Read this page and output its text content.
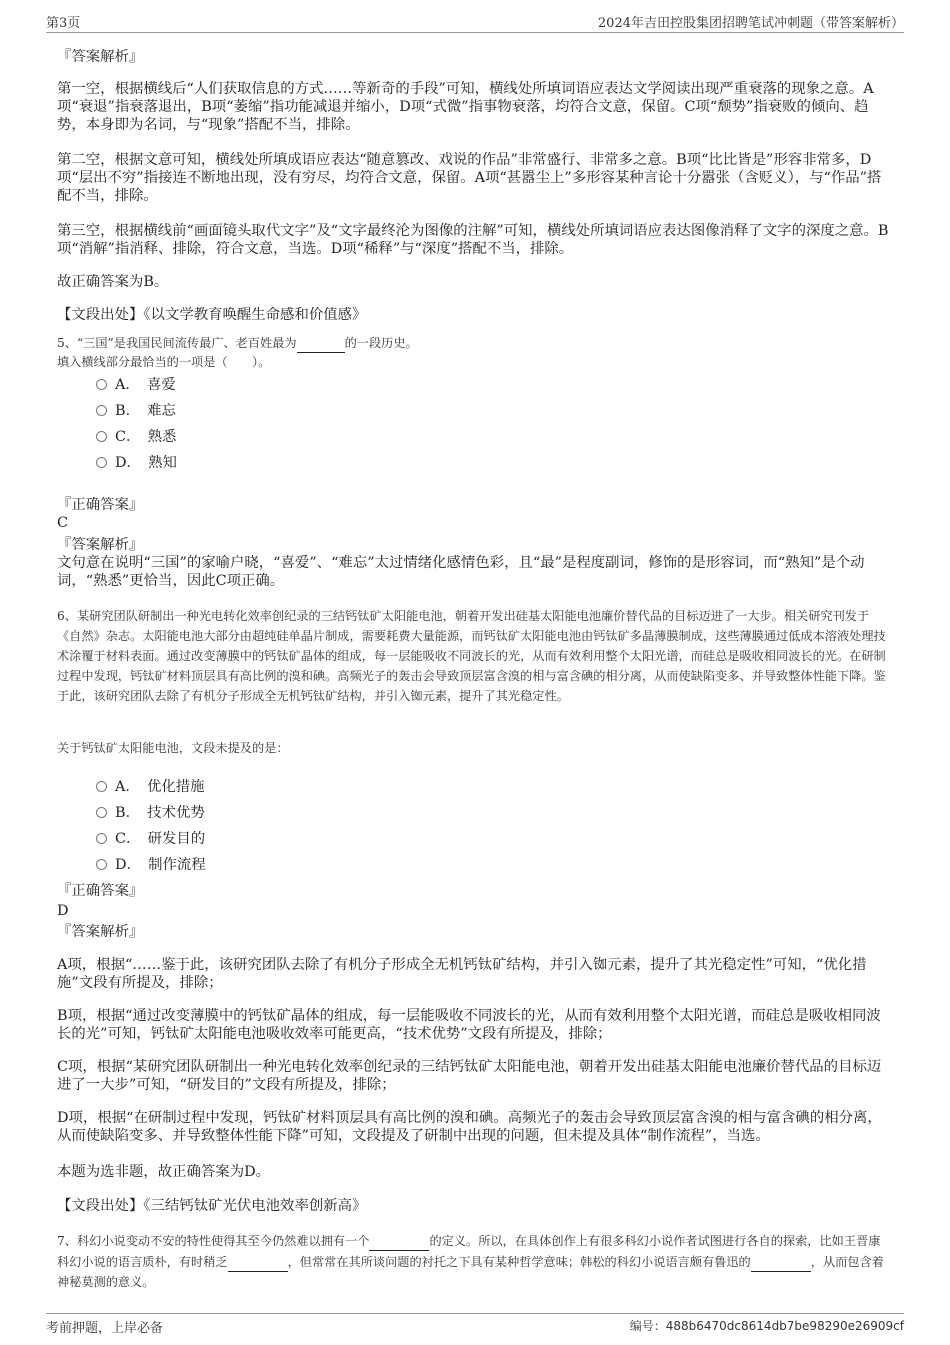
第3页	2024年吉田控股集团招聘笔试冲刺题（带答案解析）
『答案解析』
第一空，根据横线后“人们获取信息的方式……等新奇的手段”可知，横线处所填词语应表达文学阅读出现严重衰落的现象之意。A项“衰退”指衰落退出，B项“萎缩”指功能减退并缩小，D项“式微”指事物衰落，均符合文意，保留。C项“颓势”指衰败的倾向、趋势，本身即为名词，与“现象”搭配不当，排除。
第二空，根据文意可知，横线处所填成语应表达“随意篡改、戏说的作品”非常盛行、非常多之意。B项“比比皆是”形容非常多，D项“层出不穷”指接连不断地出现，没有穷尽，均符合文意，保留。A项“甚嚣尘上”多形容某种言论十分嚣张（含贬义），与“作品”搭配不当，排除。
第三空，根据横线前“画面镜头取代文字”及“文字最终沦为图像的注解”可知，横线处所填词语应表达图像消释了文字的深度之意。B项“消解”指消释、排除，符合文意，当选。D项“稀释”与“深度”搭配不当，排除。
故正确答案为B。
【文段出处】《以文学教育唤醒生命感和价值感》
5、“三国”是我国民间流传最广、老百姓最为	的一段历史。
填入横线部分最恰当的一项是（　　）。
A．　喜爱
B．　难忘
C．　熟悉
D．　熟知
『正确答案』
C
『答案解析』
文句意在说明“三国”的家喻户晓，“喜爱”、“难忘”太过情绪化感情色彩，且“最”是程度副词，修饰的是形容词，而“熟知”是个动词，“熟悉”更恰当，因此C项正确。
6、某研究团队研制出一种光电转化效率创纪录的三结钙钛矿太阳能电池，朝着开发出硅基太阳能电池廉价替代品的目标迈进了一大步。相关研究刊发于《自然》杂志。太阳能电池大部分由超纯硅单晶片制成，需要耗费大量能源，而钙钛矿太阳能电池由钙钛矿多晶薄膜制成，这些薄膜通过低成本溶液处理技术涂覆于材料表面。通过改变薄膜中的钙钛矿晶体的组成，每一层能吸收不同波长的光，从而有效利用整个太阳光谱，而硅总是吸收相同波长的光。在研制过程中发现，钙钛矿材料顶层具有高比例的溴和碘。高频光子的轰击会导致顶层富含溴的相与富含碘的相分离，从而使缺陷变多、并导致整体性能下降。鉴于此，该研究团队去除了有机分子形成全无机钙钛矿结构，并引入铷元素，提升了其光稳定性。
关于钙钛矿太阳能电池，文段未提及的是：
A．　优化措施
B．　技术优势
C．　研发目的
D．　制作流程
『正确答案』
D
『答案解析』
A项，根据“……鉴于此，该研究团队去除了有机分子形成全无机钙钛矿结构，并引入铷元素，提升了其光稳定性”可知，“优化措施”文段有所提及，排除；
B项，根据“通过改变薄膜中的钙钛矿晶体的组成，每一层能吸收不同波长的光，从而有效利用整个太阳光谱，而硅总是吸收相同波长的光”可知，钙钛矿太阳能电池吸收效率可能更高，“技术优势”文段有所提及，排除；
C项，根据“某研究团队研制出一种光电转化效率创纪录的三结钙钛矿太阳能电池，朝着开发出硅基太阳能电池廉价替代品的目标迈进了一大步”可知，“研发目的”文段有所提及，排除；
D项，根据“在研制过程中发现，钙钛矿材料顶层具有高比例的溴和碘。高频光子的轰击会导致顶层富含溴的相与富含碘的相分离，从而使缺陷变多、并导致整体性能下降”可知，文段提及了研制中出现的问题，但未提及具体“制作流程”，当选。
本题为选非题，故正确答案为D。
【文段出处】《三结钙钛矿光伏电池效率创新高》
7、科幻小说变动不安的特性使得其至今仍然难以拥有一个	的定义。所以，在具体创作上有很多科幻小说作者试图进行各自的探索，比如王晋康科幻小说的语言质朴，有时稍乏	，但常常在其所谈问题的衬托之下具有某种哲学意味；韩松的科幻小说语言颇有鲁迅的	，从而包含着神秘莫测的意义。
考前押题，上岸必备	编号：488b6470dc8614db7be98290e26909cf
